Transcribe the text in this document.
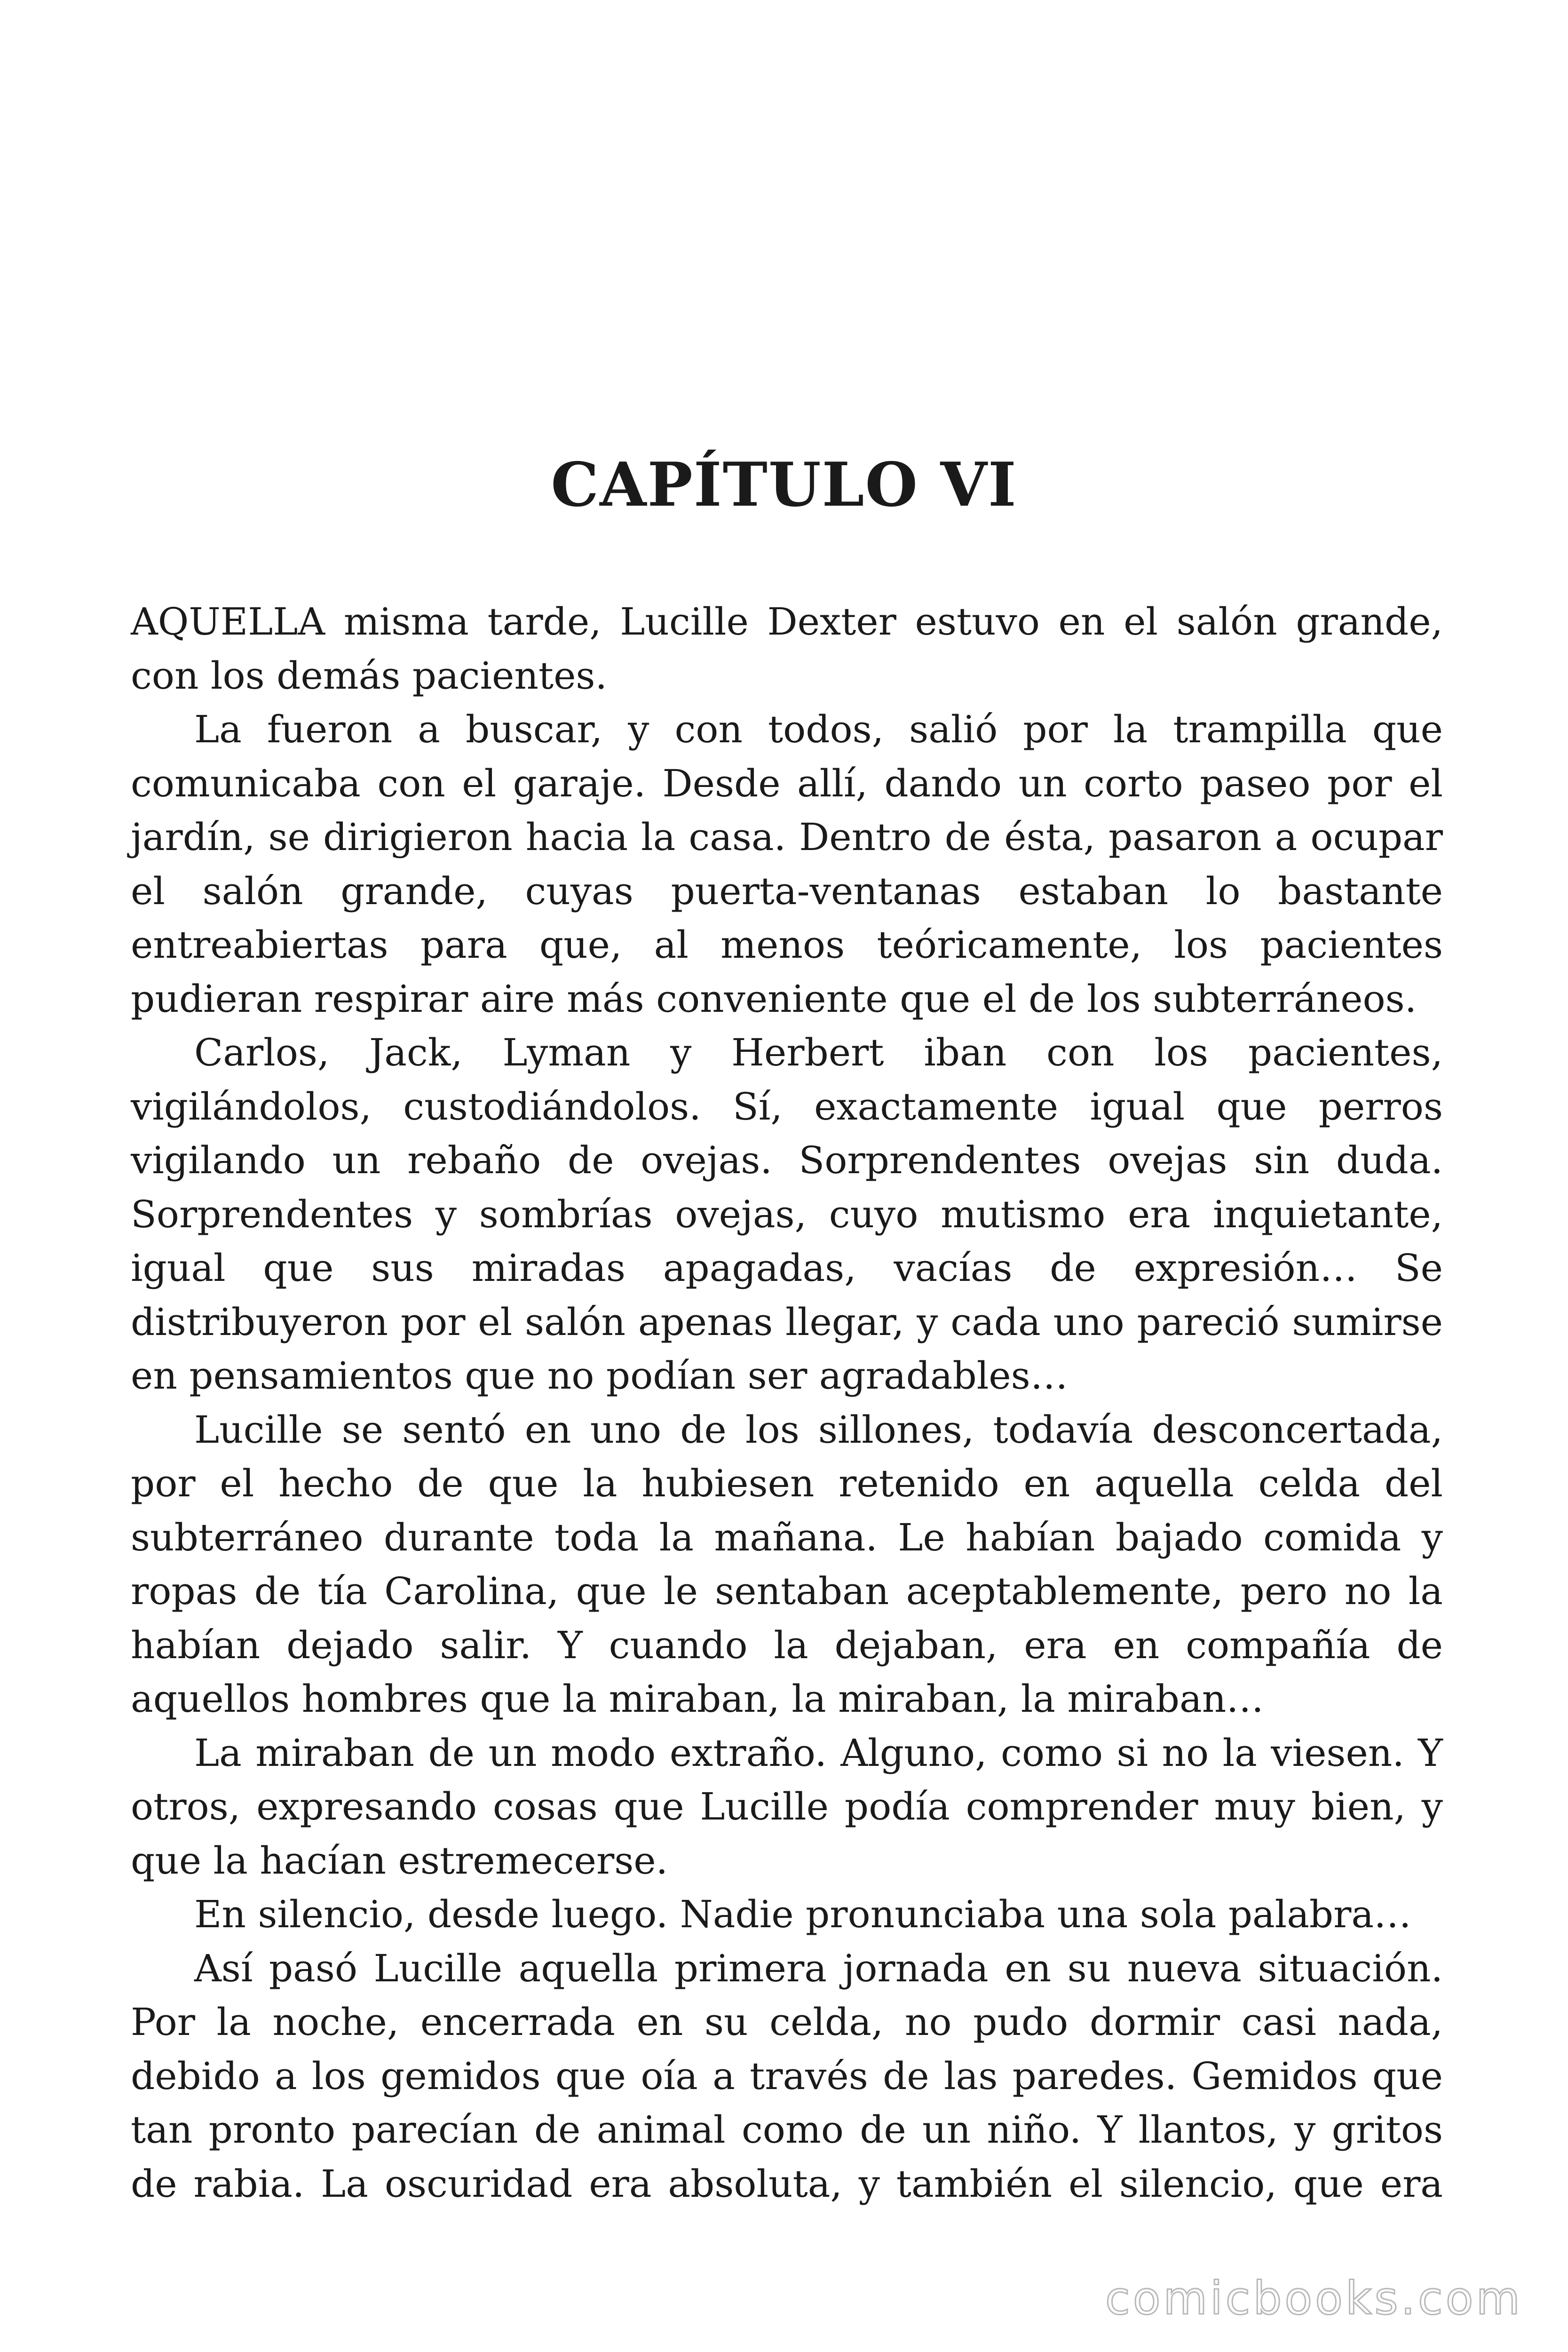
CAPÍTULO VI

AQUELLA misma tarde, Lucille Dexter estuvo en el salón grande, con los demás pacientes.

La fueron a buscar, y con todos, salió por la trampilla que comunicaba con el garaje. Desde allí, dando un corto paseo por el jardín, se dirigieron hacia la casa. Dentro de ésta, pasaron a ocupar el salón grande, cuyas puerta-ventanas estaban lo bastante entreabiertas para que, al menos teóricamente, los pacientes pudieran respirar aire más conveniente que el de los subterráneos.

Carlos, Jack, Lyman y Herbert iban con los pacientes, vigilándolos, custodiándolos. Sí, exactamente igual que perros vigilando un rebaño de ovejas. Sorprendentes ovejas sin duda. Sorprendentes y sombrías ovejas, cuyo mutismo era inquietante, igual que sus miradas apagadas, vacías de expresión… Se distribuyeron por el salón apenas llegar, y cada uno pareció sumirse en pensamientos que no podían ser agradables…

Lucille se sentó en uno de los sillones, todavía desconcertada, por el hecho de que la hubiesen retenido en aquella celda del subterráneo durante toda la mañana. Le habían bajado comida y ropas de tía Carolina, que le sentaban aceptablemente, pero no la habían dejado salir. Y cuando la dejaban, era en compañía de aquellos hombres que la miraban, la miraban, la miraban…

La miraban de un modo extraño. Alguno, como si no la viesen. Y otros, expresando cosas que Lucille podía comprender muy bien, y que la hacían estremecerse.

En silencio, desde luego. Nadie pronunciaba una sola palabra…

Así pasó Lucille aquella primera jornada en su nueva situación. Por la noche, encerrada en su celda, no pudo dormir casi nada, debido a los gemidos que oía a través de las paredes. Gemidos que tan pronto parecían de animal como de un niño. Y llantos, y gritos de rabia. La oscuridad era absoluta, y también el silencio, que era

comicbooks.com
